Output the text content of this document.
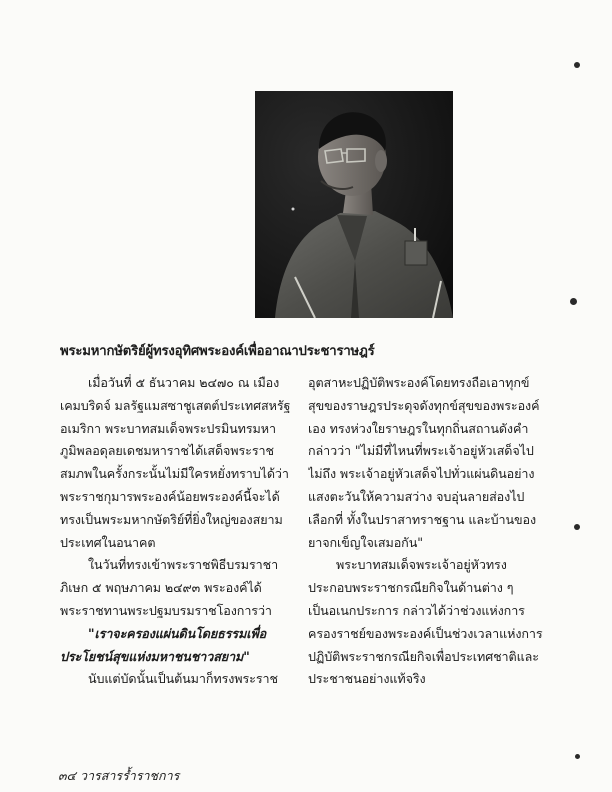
พระมหากษัตริย์ผู้ทรงอุทิศพระองค์เพื่ออาณาประชาราษฎร์
เมื่อวันที่ ๕ ธันวาคม ๒๔๗๐ ณ เมือง
เคมบริดจ์ มลรัฐแมสซาชูเสตต์ประเทศสหรัฐ
อเมริกา พระบาทสมเด็จพระปรมินทรมหา
ภูมิพลอดุลยเดชมหาราชได้เสด็จพระราช
สมภพในครั้งกระนั้นไม่มีใครหยั่งทราบได้ว่า
พระราชกุมารพระองค์น้อยพระองค์นี้จะได้
ทรงเป็นพระมหากษัตริย์ที่ยิ่งใหญ่ของสยาม
ประเทศในอนาคต
ในวันที่ทรงเข้าพระราชพิธีบรมราชา
ภิเษก ๕ พฤษภาคม ๒๔๙๓ พระองค์ได้
พระราชทานพระปฐมบรมราชโองการว่า
"เราจะครองแผ่นดินโดยธรรมเพื่อ
ประโยชน์สุขแห่งมหาชนชาวสยาม"
นับแต่บัดนั้นเป็นต้นมาก็ทรงพระราช
อุตสาหะปฏิบัติพระองค์โดยทรงถือเอาทุกข์
สุขของราษฎรประดุจดังทุกข์สุขของพระองค์
เอง ทรงห่วงใยราษฎรในทุกถิ่นสถานดังคำ
กล่าวว่า "ไม่มีที่ไหนที่พระเจ้าอยู่หัวเสด็จไป
ไม่ถึง พระเจ้าอยู่หัวเสด็จไปทั่วแผ่นดินอย่าง
แสงตะวันให้ความสว่าง จบอุ่นลายส่องไป
เลือกที่ ทั้งในปราสาทราชฐาน และบ้านของ
ยาจกเข็ญใจเสมอกัน"
พระบาทสมเด็จพระเจ้าอยู่หัวทรง
ประกอบพระราชกรณียกิจในด้านต่าง ๆ
เป็นอเนกประการ กล่าวได้ว่าช่วงแห่งการ
ครองราชย์ของพระองค์เป็นช่วงเวลาแห่งการ
ปฏิบัติพระราชกรณียกิจเพื่อประเทศชาติและ
ประชาชนอย่างแท้จริง
๓๔ วารสารร้ำราชการ
